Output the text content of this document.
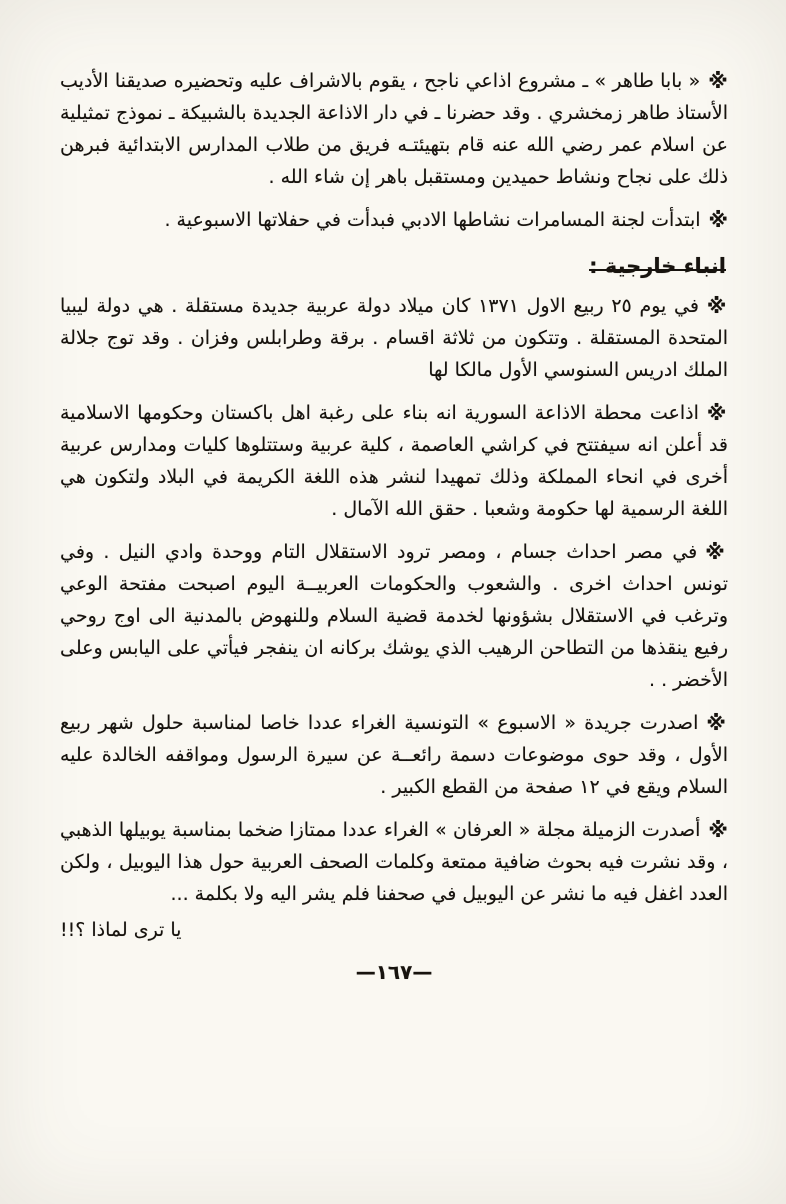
※« بابا طاهر » ـ مشروع اذاعي ناجح ، يقوم بالاشراف عليه وتحضيره صديقنا الأديب الأستاذ طاهر زمخشري . وقد حضرنا ـ في دار الاذاعة الجديدة بالشبيكة ـ نموذج تمثيلية عن اسلام عمر رضي الله عنه قام بتهيئتـه فريق من طلاب المدارس الابتدائية فبرهن ذلك على نجاح ونشاط حميدين ومستقبل باهر إن شاء الله .

※ابتدأت لجنة المسامرات نشاطها الادبي فبدأت في حفلاتها الاسبوعية .

انباء خارجية :

※في يوم ٢٥ ربيع الاول ١٣٧١ كان ميلاد دولة عربية جديدة مستقلة . هي دولة ليبيا المتحدة المستقلة . وتتكون من ثلاثة اقسام . برقة وطرابلس وفزان . وقد توج جلالة الملك ادريس السنوسي الأول مالكا لها

※اذاعت محطة الاذاعة السورية انه بناء على رغبة اهل باكستان وحكومها الاسلامية قد أعلن انه سيفتتح في كراشي العاصمة ، كلية عربية وستتلوها كليات ومدارس عربية أخرى في انحاء المملكة وذلك تمهيدا لنشر هذه اللغة الكريمة في البلاد ولتكون هي اللغة الرسمية لها حكومة وشعبا . حقق الله الآمال .

※في مصر احداث جسام ، ومصر ترود الاستقلال التام ووحدة وادي النيل . وفي تونس احداث اخرى . والشعوب والحكومات العربيــة اليوم اصبحت مفتحة الوعي وترغب في الاستقلال بشؤونها لخدمة قضية السلام وللنهوض بالمدنية الى اوج روحي رفيع ينقذها من التطاحن الرهيب الذي يوشك بركانه ان ينفجر فيأتي على اليابس وعلى الأخضر . .

※اصدرت جريدة « الاسبوع » التونسية الغراء عددا خاصا لمناسبة حلول شهر ربيع الأول ، وقد حوى موضوعات دسمة رائعــة عن سيرة الرسول ومواقفه الخالدة عليه السلام ويقع في ١٢ صفحة من القطع الكبير .

※أصدرت الزميلة مجلة « العرفان » الغراء عددا ممتازا ضخما بمناسبة يوبيلها الذهبي ، وقد نشرت فيه بحوث ضافية ممتعة وكلمات الصحف العربية حول هذا اليوبيل ، ولكن العدد اغفل فيه ما نشر عن اليوبيل في صحفنا فلم يشر اليه ولا بكلمة ...

يا ترى لماذا ؟!!
—١٦٧—
